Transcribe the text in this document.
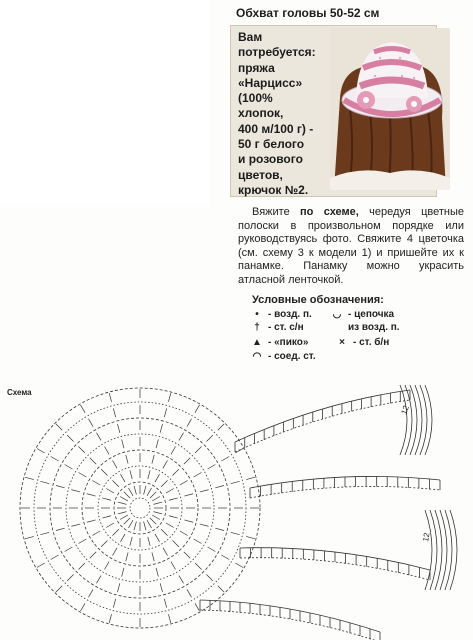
Обхват головы 50-52 см
Вам
потребуется:
пряжа
«Нарцисс»
(100%
хлопок,
400 м/100 г) -
50 г белого
и розового
цветов,
крючок №2.
Вяжите по схеме, чередуя цветные полоски в произвольном порядке или руководствуясь фото. Свяжите 4 цветочка (см. схему 3 к модели 1) и пришейте их к панамке. Панамку можно украсить атласной ленточкой.
Условные обозначения:
• - возд. п.
† - ст. с/н
▲ - «пико»
◠ - соед. ст.
◡ - цепочка
из возд. п.
× - ст. б/н
Схема
12
12
